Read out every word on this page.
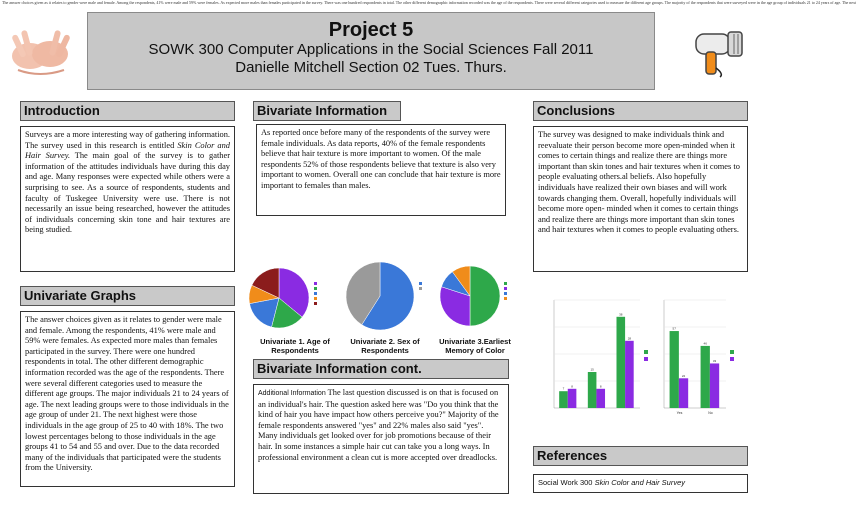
The answer choices given as it relates to gender were male and female. Among the respondents, 41% were male and 59% were females. As expected more males than females participated in the survey. There was one hundred respondents in total. The other different demographic information recorded was the age of the respondents. There were several different categories used to measure the different age groups. The majority of the respondents that were surveyed were in the age group of individuals 21 to 24 years of age. The next
Project 5
SOWK 300 Computer Applications in the Social Sciences Fall 2011
Danielle Mitchell Section 02 Tues. Thurs.
Introduction
Surveys are a more interesting way of gathering information. The survey used in this research is entitled Skin Color and Hair Survey. The main goal of the survey is to gather information of the attitudes individuals have during this day and age. Many responses were expected while others were a surprising to see. As a source of respondents, students and faculty of Tuskegee University were use. There is not necessarily an issue being researched, however the attitudes of individuals concerning skin tone and hair textures are being studied.
Univariate Graphs
The answer choices given as it relates to gender were male and female. Among the respondents, 41% were male and 59% were females. As expected more males than females participated in the survey. There were one hundred respondents in total. The other different demographic information recorded was the age of the respondents. There were several different categories used to measure the different age groups. The major individuals 21 to 24 years of age. The next leading groups were to those individuals in the age group of under 21. The next highest were those individuals in the age group of 25 to 40 with 18%. The two lowest percentages belong to those individuals in the age groups 41 to 54 and 55 and over. Due to the data recorded many of the individuals that participated were the students from the University.
Bivariate Information
As reported once before many of the respondents of the survey were female individuals. As data reports, 40% of the female respondents believe that hair texture is more important to women. Of the male respondents 52% of those respondents believe that texture is also very important to women. Overall one can conclude that hair texture is more important to females than males.
Univariate 1. Age of Respondents
Univariate 2. Sex of Respondents
Univariate 3.Earliest Memory of Color
Bivariate Information cont.
Additional Information The last question discussed is on that is focused on an individual's hair. The question asked here was "Do you think that the kind of hair you have impact how others perceive you?" Majority of the female respondents answered "yes" and 22% males also said "yes". Many individuals get looked over for job promotions because of their hair. In some instances a simple hair cut can take you a long ways. In professional environment a clean cut is more accepted over dreadlocks.
Conclusions
The survey was designed to make individuals think and reevaluate their person become more open-minded when it comes to certain things and realize there are things more important than skin tones and hair textures when it comes to people evaluating others.al beliefs. Also hopefully individuals have realized their own biases and will work towards changing them. Overall, hopefully individuals will become more open- minded when it comes to certain things and realize there are things more important than skin tones and hair textures when it comes to people evaluating others.
7
15
38
8	8
28
57
46
22
33
Yes	No
References
Social Work 300 Skin Color and Hair Survey
